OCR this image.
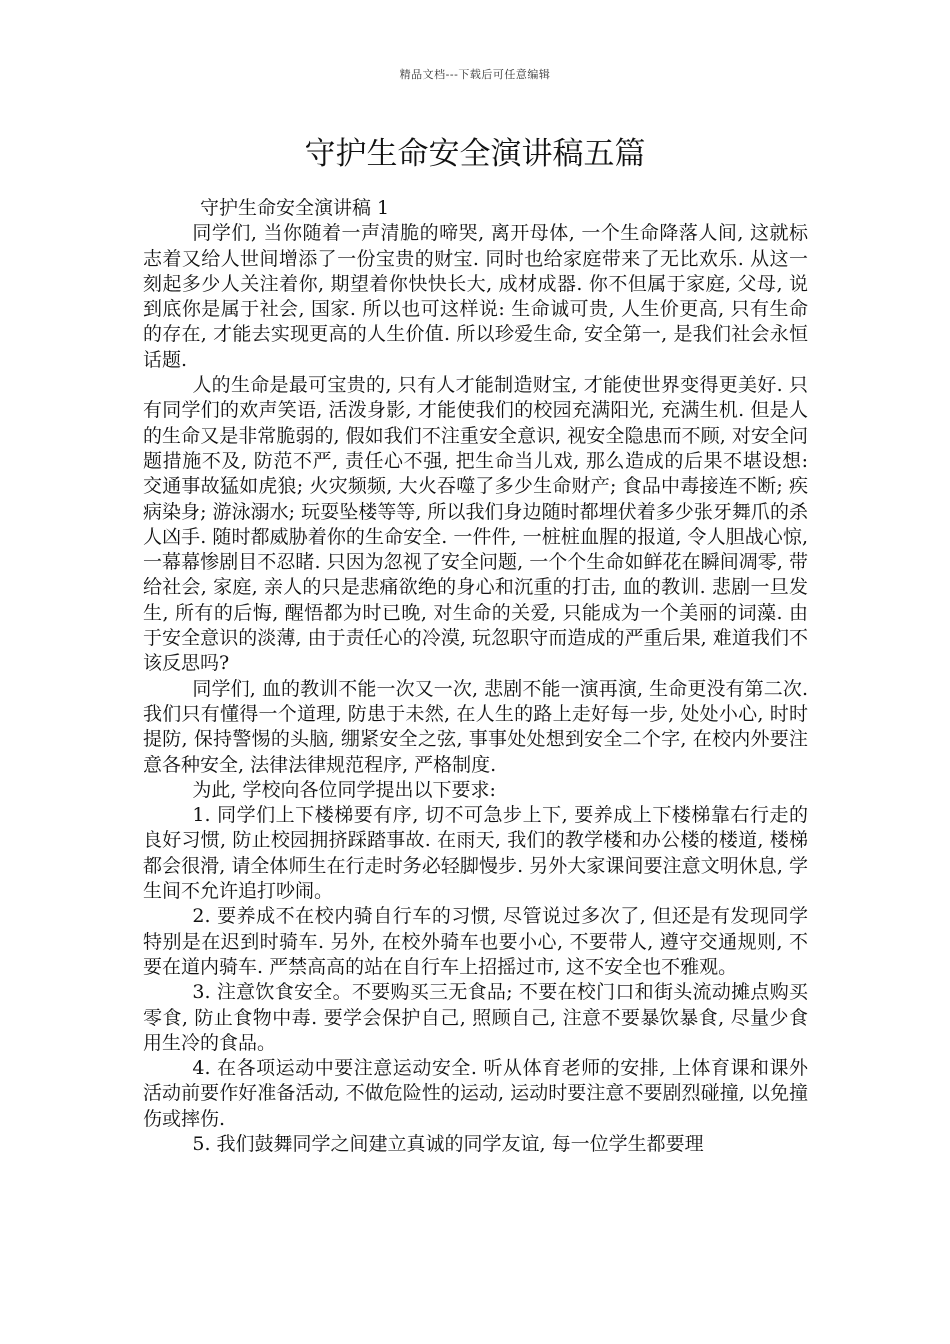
精品文档---下载后可任意编辑
守护生命安全演讲稿五篇

守护生命安全演讲稿 1

同学们, 当你随着一声清脆的啼哭, 离开母体, 一个生命降落人间, 这就标志着又给人世间增添了一份宝贵的财宝. 同时也给家庭带来了无比欢乐. 从这一刻起多少人关注着你, 期望着你快快长大, 成材成器. 你不但属于家庭, 父母, 说到底你是属于社会, 国家. 所以也可这样说: 生命诚可贵, 人生价更高, 只有生命的存在, 才能去实现更高的人生价值. 所以珍爱生命, 安全第一, 是我们社会永恒话题.

人的生命是最可宝贵的, 只有人才能制造财宝, 才能使世界变得更美好. 只有同学们的欢声笑语, 活泼身影, 才能使我们的校园充满阳光, 充满生机. 但是人的生命又是非常脆弱的, 假如我们不注重安全意识, 视安全隐患而不顾, 对安全问题措施不及, 防范不严, 责任心不强, 把生命当儿戏, 那么造成的后果不堪设想: 交通事故猛如虎狼; 火灾频频, 大火吞噬了多少生命财产; 食品中毒接连不断; 疾病染身; 游泳溺水; 玩耍坠楼等等, 所以我们身边随时都埋伏着多少张牙舞爪的杀人凶手. 随时都威胁着你的生命安全. 一件件, 一桩桩血腥的报道, 令人胆战心惊, 一幕幕惨剧目不忍睹. 只因为忽视了安全问题, 一个个生命如鲜花在瞬间凋零, 带给社会, 家庭, 亲人的只是悲痛欲绝的身心和沉重的打击, 血的教训. 悲剧一旦发生, 所有的后悔, 醒悟都为时已晚, 对生命的关爱, 只能成为一个美丽的词藻. 由于安全意识的淡薄, 由于责任心的冷漠, 玩忽职守而造成的严重后果, 难道我们不该反思吗?

同学们, 血的教训不能一次又一次, 悲剧不能一演再演, 生命更没有第二次. 我们只有懂得一个道理, 防患于未然, 在人生的路上走好每一步, 处处小心, 时时提防, 保持警惕的头脑, 绷紧安全之弦, 事事处处想到安全二个字, 在校内外要注意各种安全, 法律法律规范程序, 严格制度.

为此, 学校向各位同学提出以下要求:

1. 同学们上下楼梯要有序, 切不可急步上下, 要养成上下楼梯靠右行走的良好习惯, 防止校园拥挤踩踏事故. 在雨天, 我们的教学楼和办公楼的楼道, 楼梯都会很滑, 请全体师生在行走时务必轻脚慢步. 另外大家课间要注意文明休息, 学生间不允许追打吵闹。

2. 要养成不在校内骑自行车的习惯, 尽管说过多次了, 但还是有发现同学特别是在迟到时骑车. 另外, 在校外骑车也要小心, 不要带人, 遵守交通规则, 不要在道内骑车. 严禁高高的站在自行车上招摇过市, 这不安全也不雅观。

3. 注意饮食安全。不要购买三无食品; 不要在校门口和街头流动摊点购买零食, 防止食物中毒. 要学会保护自己, 照顾自己, 注意不要暴饮暴食, 尽量少食用生冷的食品。

4. 在各项运动中要注意运动安全. 听从体育老师的安排, 上体育课和课外活动前要作好准备活动, 不做危险性的运动, 运动时要注意不要剧烈碰撞, 以免撞伤或摔伤.

5. 我们鼓舞同学之间建立真诚的同学友谊, 每一位学生都要理
